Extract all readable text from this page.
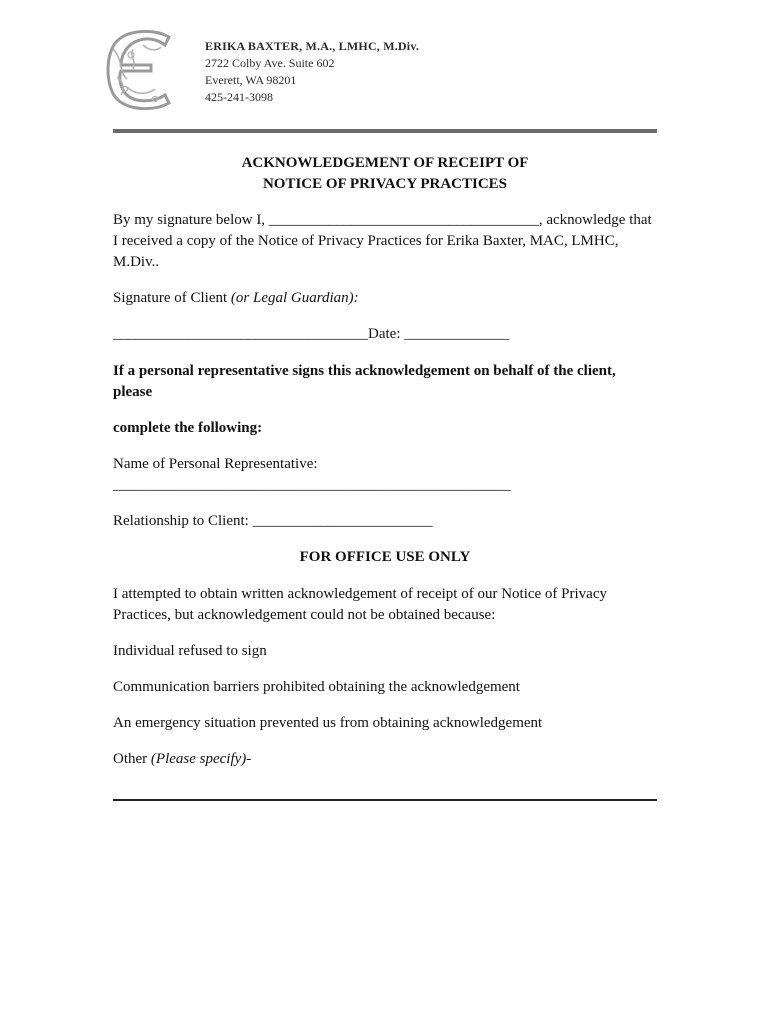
ERIKA BAXTER, M.A., LMHC, M.Div.
2722 Colby Ave. Suite 602
Everett, WA 98201
425-241-3098
ACKNOWLEDGEMENT OF RECEIPT OF
NOTICE OF PRIVACY PRACTICES
By my signature below I, ____________________________________, acknowledge that I received a copy of the Notice of Privacy Practices for Erika Baxter, MAC, LMHC, M.Div..
Signature of Client (or Legal Guardian):
__________________________________Date: ______________
If a personal representative signs this acknowledgement on behalf of the client, please
complete the following:
Name of Personal Representative:
_____________________________________________________
Relationship to Client: ________________________
FOR OFFICE USE ONLY
I attempted to obtain written acknowledgement of receipt of our Notice of Privacy Practices, but acknowledgement could not be obtained because:
Individual refused to sign
Communication barriers prohibited obtaining the acknowledgement
An emergency situation prevented us from obtaining acknowledgement
Other (Please specify)-
